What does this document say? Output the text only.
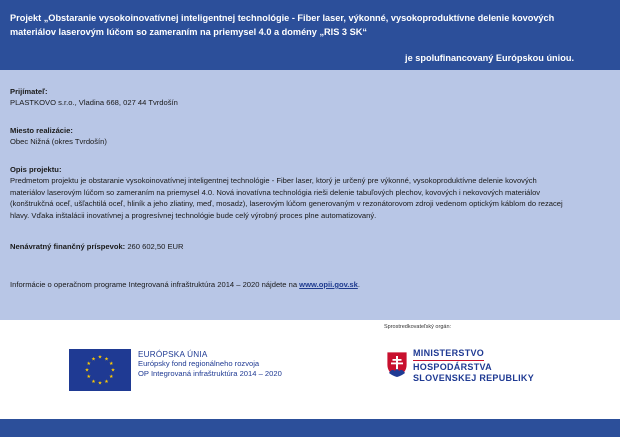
Projekt „Obstaranie vysokoinovatívnej inteligentnej technológie - Fiber laser, výkonné, vysokoproduktívne delenie kovových
materiálov laserovým lúčom so zameraním na priemysel 4.0 a domény „RIS 3 SK“
je spolufinancovaný Európskou úniou.
Prijímateľ:
PLASTKOVO s.r.o., Vladina 668, 027 44 Tvrdošín
Miesto realizácie:
Obec Nižná (okres Tvrdošín)
Opis projektu:
Predmetom projektu je obstaranie vysokoinovatívnej inteligentnej technológie - Fiber laser, ktorý je určený pre výkonné, vysokoproduktívne delenie kovových
materiálov laserovým lúčom so zameraním na priemysel 4.0. Nová inovatívna technológia rieši delenie tabuľových plechov, kovových i nekovových materiálov
(konštrukčná oceľ, ušľachtilá oceľ, hliník a jeho zliatiny, meď, mosadz), laserovým lúčom generovaným v rezonátorovom zdroji vedenom optickým káblom do rezacej
hlavy. Vďaka inštalácii inovatívnej a progresívnej technológie bude celý výrobný proces plne automatizovaný.
Nenávratný finančný príspevok: 260 602,50 EUR
Informácie o operačnom programe Integrovaná infraštruktúra 2014 – 2020 nájdete na www.opii.gov.sk.
★ ★
★
★
★
★
★
★
★
★
★
★
EURÓPSKA ÚNIA
Európsky fond regionálneho rozvoja
OP Integrovaná infraštruktúra 2014 – 2020
Sprostredkovateľský orgán:
MINISTERSTVO
HOSPODÁRSTVA
SLOVENSKEJ REPUBLIKY
